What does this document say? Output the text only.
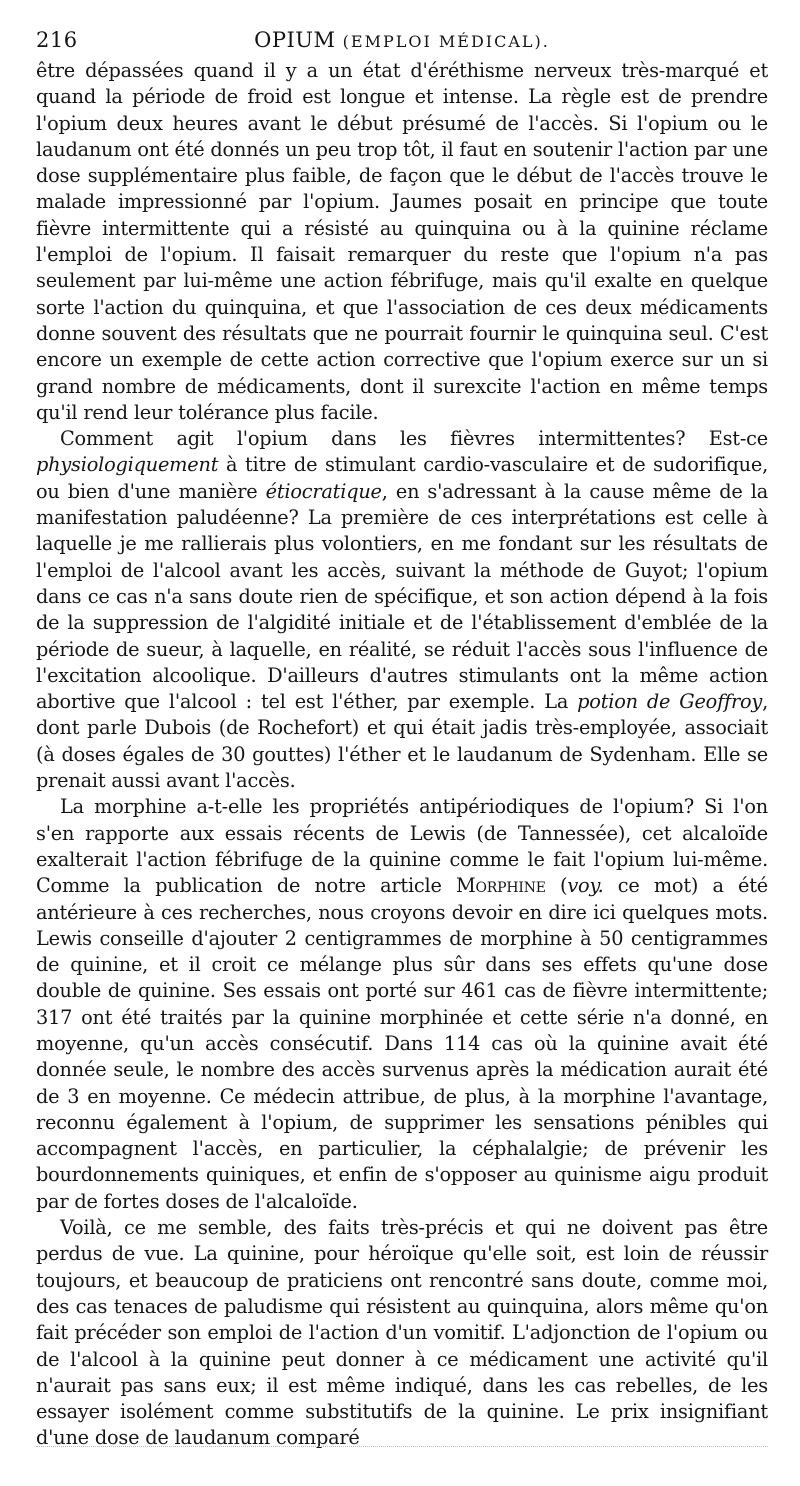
216	OPIUM (EMPLOI MÉDICAL).

être dépassées quand il y a un état d'éréthisme nerveux très-marqué et quand la période de froid est longue et intense. La règle est de prendre l'opium deux heures avant le début présumé de l'accès. Si l'opium ou le laudanum ont été donnés un peu trop tôt, il faut en soutenir l'action par une dose supplémentaire plus faible, de façon que le début de l'accès trouve le malade impressionné par l'opium. Jaumes posait en principe que toute fièvre intermittente qui a résisté au quinquina ou à la quinine réclame l'emploi de l'opium. Il faisait remarquer du reste que l'opium n'a pas seulement par lui-même une action fébrifuge, mais qu'il exalte en quelque sorte l'action du quinquina, et que l'association de ces deux médicaments donne souvent des résultats que ne pourrait fournir le quinquina seul. C'est encore un exemple de cette action corrective que l'opium exerce sur un si grand nombre de médicaments, dont il surexcite l'action en même temps qu'il rend leur tolérance plus facile.

Comment agit l'opium dans les fièvres intermittentes? Est-ce physiologiquement à titre de stimulant cardio-vasculaire et de sudorifique, ou bien d'une manière étiocratique, en s'adressant à la cause même de la manifestation paludéenne? La première de ces interprétations est celle à laquelle je me rallierais plus volontiers, en me fondant sur les résultats de l'emploi de l'alcool avant les accès, suivant la méthode de Guyot; l'opium dans ce cas n'a sans doute rien de spécifique, et son action dépend à la fois de la suppression de l'algidité initiale et de l'établissement d'emblée de la période de sueur, à laquelle, en réalité, se réduit l'accès sous l'influence de l'excitation alcoolique. D'ailleurs d'autres stimulants ont la même action abortive que l'alcool : tel est l'éther, par exemple. La potion de Geoffroy, dont parle Dubois (de Rochefort) et qui était jadis très-employée, associait (à doses égales de 30 gouttes) l'éther et le laudanum de Sydenham. Elle se prenait aussi avant l'accès.

La morphine a-t-elle les propriétés antipériodiques de l'opium? Si l'on s'en rapporte aux essais récents de Lewis (de Tannessée), cet alcaloïde exalterait l'action fébrifuge de la quinine comme le fait l'opium lui-même. Comme la publication de notre article Morphine (voy. ce mot) a été antérieure à ces recherches, nous croyons devoir en dire ici quelques mots. Lewis conseille d'ajouter 2 centigrammes de morphine à 50 centigrammes de quinine, et il croit ce mélange plus sûr dans ses effets qu'une dose double de quinine. Ses essais ont porté sur 461 cas de fièvre intermittente; 317 ont été traités par la quinine morphinée et cette série n'a donné, en moyenne, qu'un accès consécutif. Dans 114 cas où la quinine avait été donnée seule, le nombre des accès survenus après la médication aurait été de 3 en moyenne. Ce médecin attribue, de plus, à la morphine l'avantage, reconnu également à l'opium, de supprimer les sensations pénibles qui accompagnent l'accès, en particulier, la céphalalgie; de prévenir les bourdonnements quiniques, et enfin de s'opposer au quinisme aigu produit par de fortes doses de l'alcaloïde.

Voilà, ce me semble, des faits très-précis et qui ne doivent pas être perdus de vue. La quinine, pour héroïque qu'elle soit, est loin de réussir toujours, et beaucoup de praticiens ont rencontré sans doute, comme moi, des cas tenaces de paludisme qui résistent au quinquina, alors même qu'on fait précéder son emploi de l'action d'un vomitif. L'adjonction de l'opium ou de l'alcool à la quinine peut donner à ce médicament une activité qu'il n'aurait pas sans eux; il est même indiqué, dans les cas rebelles, de les essayer isolément comme substitutifs de la quinine. Le prix insignifiant d'une dose de laudanum comparé
